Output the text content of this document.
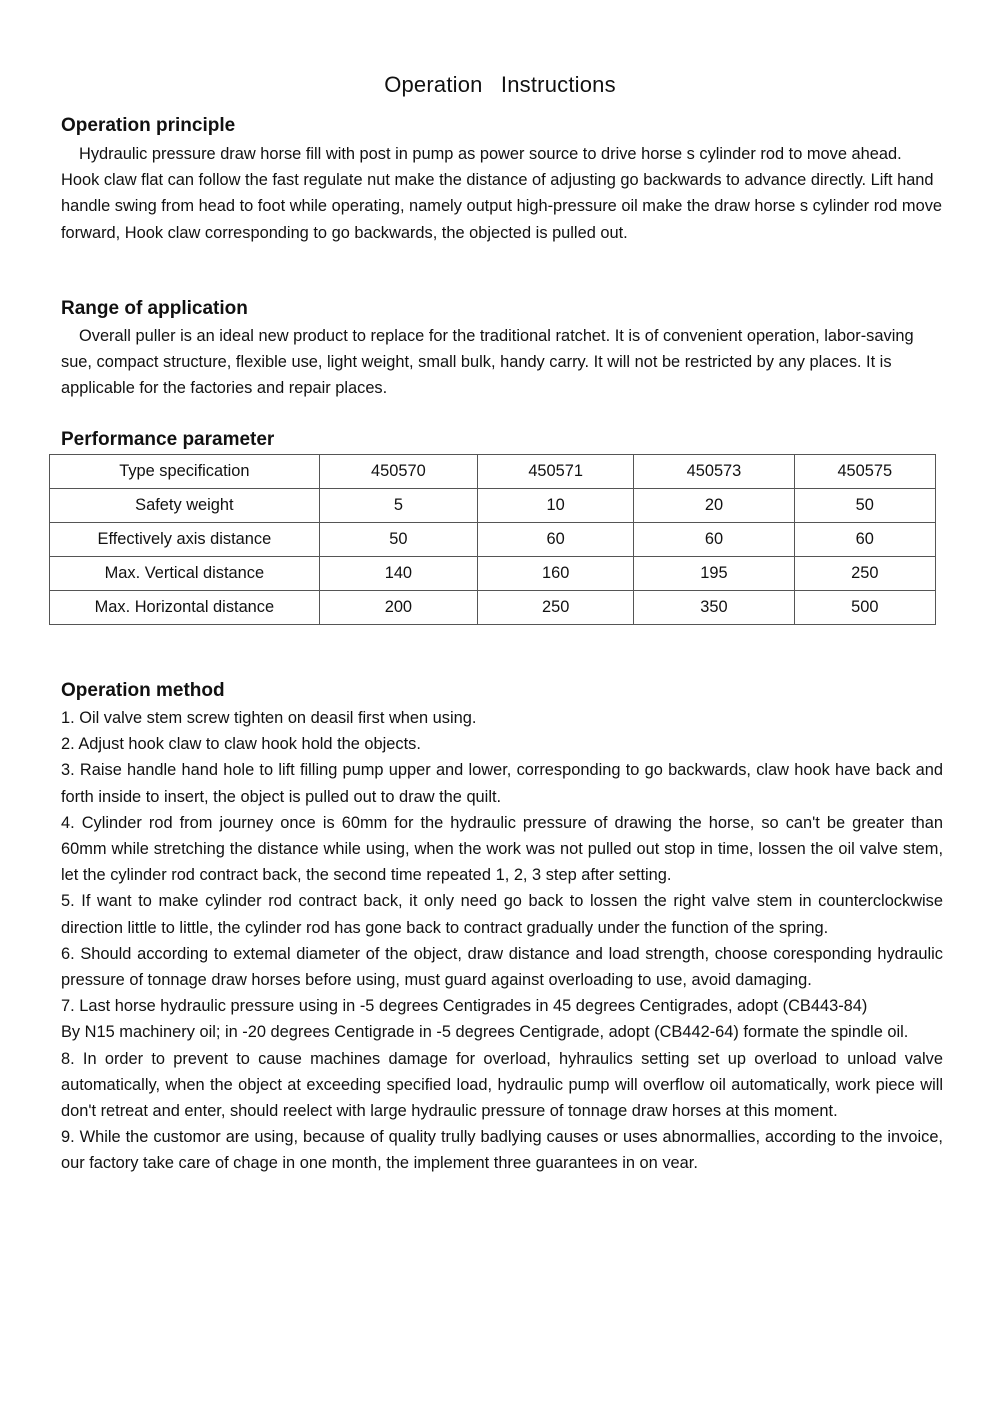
Operation Instructions
Operation principle

Hydraulic pressure draw horse fill with post in pump as power source to drive horse s cylinder rod to move ahead. Hook claw flat can follow the fast regulate nut make the distance of adjusting go backwards to advance directly. Lift hand handle swing from head to foot while operating, namely output high-pressure oil make the draw horse s cylinder rod move forward, Hook claw corresponding to go backwards, the objected is pulled out.

Range of application

Overall puller is an ideal new product to replace for the traditional ratchet. It is of convenient operation, labor-saving sue, compact structure, flexible use, light weight, small bulk, handy carry. It will not be restricted by any places. It is applicable for the factories and repair places.

Performance parameter
Type specification	450570	450571	450573	450575
Safety weight	5	10	20	50
Effectively axis distance	50	60	60	60
Max. Vertical distance	140	160	195	250
Max. Horizontal distance	200	250	350	500
Operation method
1. Oil valve stem screw tighten on deasil first when using.
2. Adjust hook claw to claw hook hold the objects.
3. Raise handle hand hole to lift filling pump upper and lower, corresponding to go backwards, claw hook have back and forth inside to insert, the object is pulled out to draw the quilt.
4. Cylinder rod from journey once is 60mm for the hydraulic pressure of drawing the horse, so can't be greater than 60mm while stretching the distance while using, when the work was not pulled out stop in time, lossen the oil valve stem, let the cylinder rod contract back, the second time repeated 1, 2, 3 step after setting.
5. If want to make cylinder rod contract back, it only need go back to lossen the right valve stem in counterclockwise direction little to little, the cylinder rod has gone back to contract gradually under the function of the spring.
6. Should according to extemal diameter of the object, draw distance and load strength, choose coresponding hydraulic pressure of tonnage draw horses before using, must guard against overloading to use, avoid damaging.
7. Last horse hydraulic pressure using in -5 degrees Centigrades in 45 degrees Centigrades, adopt (CB443-84)
By N15 machinery oil; in -20 degrees Centigrade in -5 degrees Centigrade, adopt (CB442-64) formate the spindle oil.
8. In order to prevent to cause machines damage for overload, hyhraulics setting set up overload to unload valve automatically, when the object at exceeding specified load, hydraulic pump will overflow oil automatically, work piece will don't retreat and enter, should reelect with large hydraulic pressure of tonnage draw horses at this moment.
9. While the customor are using, because of quality trully badlying causes or uses abnormallies, according to the invoice, our factory take care of chage in one month, the implement three guarantees in on vear.
